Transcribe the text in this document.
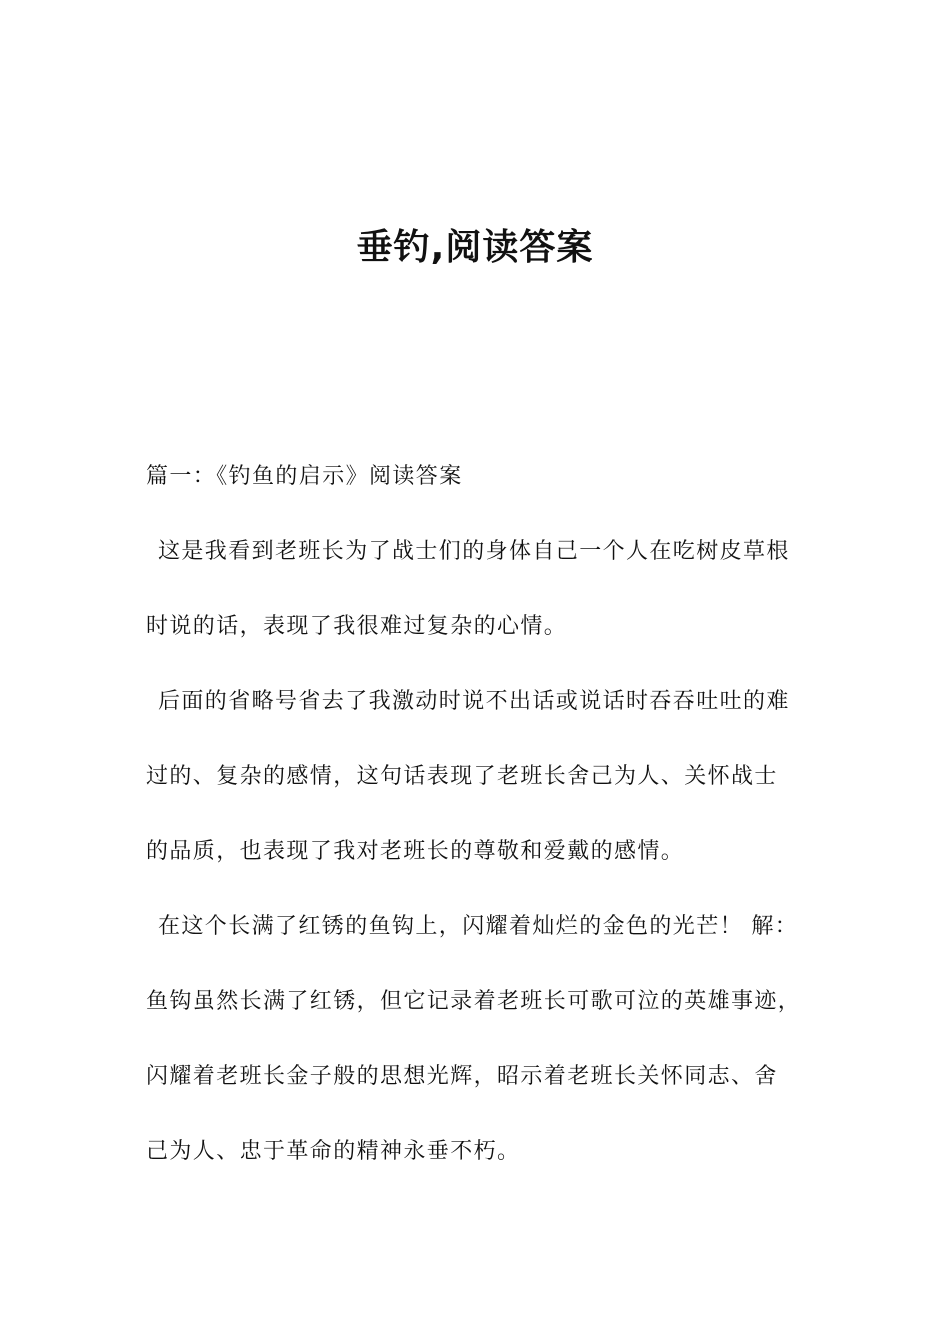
垂钓,阅读答案
篇一：《钓鱼的启示》阅读答案
这是我看到老班长为了战士们的身体自己一个人在吃树皮草根
时说的话，表现了我很难过复杂的心情。
后面的省略号省去了我激动时说不出话或说话时吞吞吐吐的难
过的、复杂的感情，这句话表现了老班长舍己为人、关怀战士
的品质，也表现了我对老班长的尊敬和爱戴的感情。
在这个长满了红锈的鱼钩上，闪耀着灿烂的金色的光芒！ 解：
鱼钩虽然长满了红锈，但它记录着老班长可歌可泣的英雄事迹，
闪耀着老班长金子般的思想光辉，昭示着老班长关怀同志、舍
己为人、忠于革命的精神永垂不朽。
